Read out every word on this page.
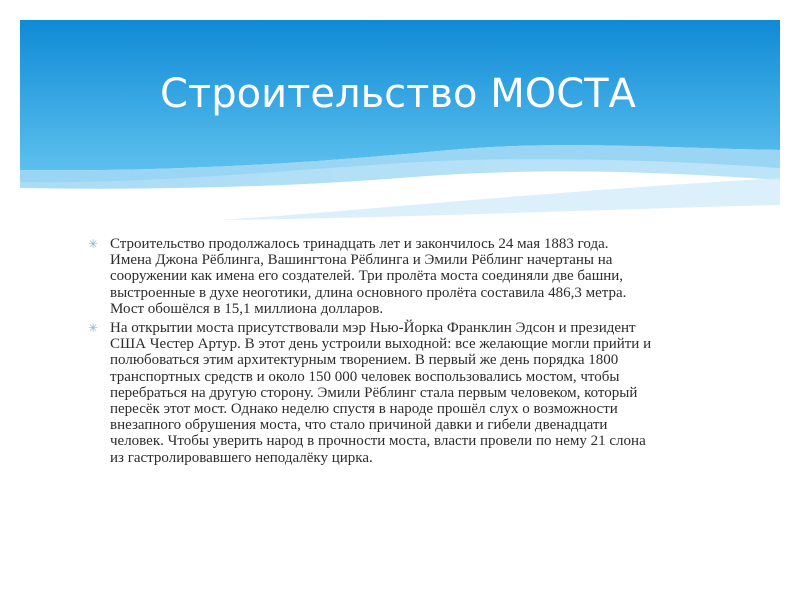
Строительство МОСТА
✳ Строительство продолжалось тринадцать лет и закончилось 24 мая 1883 года.
Имена Джона Рёблинга, Вашингтона Рёблинга и Эмили Рёблинг начертаны на
сооружении как имена его создателей. Три пролёта моста соединяли две башни,
выстроенные в духе неоготики, длина основного пролёта составила 486,3 метра.
Мост обошёлся в 15,1 миллиона долларов.
✳ На открытии моста присутствовали мэр Нью-Йорка Франклин Эдсон и президент
США Честер Артур. В этот день устроили выходной: все желающие могли прийти и
полюбоваться этим архитектурным творением. В первый же день порядка 1800
транспортных средств и около 150 000 человек воспользовались мостом, чтобы
перебраться на другую сторону. Эмили Рёблинг стала первым человеком, который
пересёк этот мост. Однако неделю спустя в народе прошёл слух о возможности
внезапного обрушения моста, что стало причиной давки и гибели двенадцати
человек. Чтобы уверить народ в прочности моста, власти провели по нему 21 слона
из гастролировавшего неподалёку цирка.
